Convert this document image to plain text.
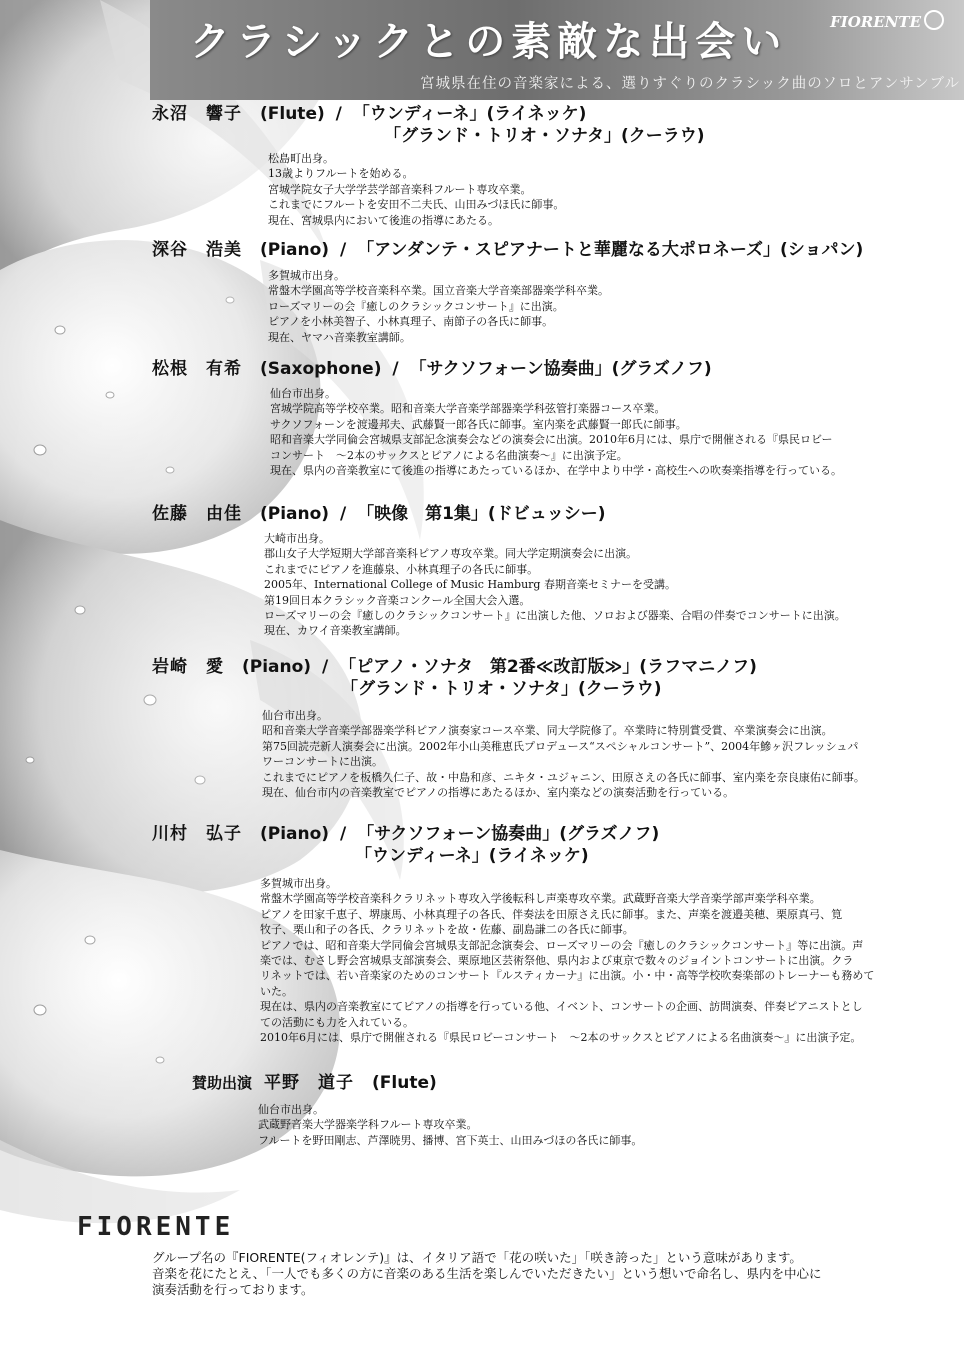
クラシックとの素敵な出会い
宮城県在住の音楽家による、選りすぐりのクラシック曲のソロとアンサンブル
FIORENTE
永沼　響子 (Flute) / 「ウンディーネ」(ライネッケ)
「グランド・トリオ・ソナタ」(クーラウ)
松島町出身。
13歳よりフルートを始める。
宮城学院女子大学学芸学部音楽科フルート専攻卒業。
これまでにフルートを安田不二夫氏、山田みづほ氏に師事。
現在、宮城県内において後進の指導にあたる。
深谷　浩美 (Piano) / 「アンダンテ・スピアナートと華麗なる大ポロネーズ」(ショパン)
多賀城市出身。
常盤木学園高等学校音楽科卒業。国立音楽大学音楽部器楽学科卒業。
ローズマリーの会『癒しのクラシックコンサート』に出演。
ピアノを小林美智子、小林真理子、南節子の各氏に師事。
現在、ヤマハ音楽教室講師。
松根　有希 (Saxophone) / 「サクソフォーン協奏曲」(グラズノフ)
仙台市出身。
宮城学院高等学校卒業。昭和音楽大学音楽学部器楽学科弦管打楽器コース卒業。
サクソフォーンを渡邊邦夫、武藤賢一郎各氏に師事。室内楽を武藤賢一郎氏に師事。
昭和音楽大学同倫会宮城県支部記念演奏会などの演奏会に出演。2010年6月には、県庁で開催される『県民ロビー
コンサート　～2本のサックスとピアノによる名曲演奏～』に出演予定。
現在、県内の音楽教室にて後進の指導にあたっているほか、在学中より中学・高校生への吹奏楽指導を行っている。
佐藤　由佳 (Piano) / 「映像　第1集」(ドビュッシー)
大崎市出身。
郡山女子大学短期大学部音楽科ピアノ専攻卒業。同大学定期演奏会に出演。
これまでにピアノを進藤泉、小林真理子の各氏に師事。
2005年、International College of Music Hamburg 春期音楽セミナーを受講。
第19回日本クラシック音楽コンクール全国大会入選。
ローズマリーの会『癒しのクラシックコンサート』に出演した他、ソロおよび器楽、合唱の伴奏でコンサートに出演。
現在、カワイ音楽教室講師。
岩崎　愛 (Piano) / 「ピアノ・ソナタ　第2番≪改訂版≫」(ラフマニノフ)
「グランド・トリオ・ソナタ」(クーラウ)
仙台市出身。
昭和音楽大学音楽学部器楽学科ピアノ演奏家コース卒業、同大学院修了。卒業時に特別賞受賞、卒業演奏会に出演。
第75回読売新人演奏会に出演。2002年小山美稚恵氏プロデュース“スペシャルコンサート”、2004年鰺ヶ沢フレッシュパ
ワーコンサートに出演。
これまでにピアノを板橋久仁子、故・中島和彦、ニキタ・ユジャニン、田原さえの各氏に師事、室内楽を奈良康佑に師事。
現在、仙台市内の音楽教室でピアノの指導にあたるほか、室内楽などの演奏活動を行っている。
川村　弘子 (Piano) / 「サクソフォーン協奏曲」(グラズノフ)
「ウンディーネ」(ライネッケ)
多賀城市出身。
常盤木学園高等学校音楽科クラリネット専攻入学後転科し声楽専攻卒業。武蔵野音楽大学音楽学部声楽学科卒業。
ピアノを田家千恵子、堺康馬、小林真理子の各氏、伴奏法を田原さえ氏に師事。また、声楽を渡邉美穂、栗原真弓、筧
牧子、栗山和子の各氏、クラリネットを故・佐藤、副島謙二の各氏に師事。
ピアノでは、昭和音楽大学同倫会宮城県支部記念演奏会、ローズマリーの会『癒しのクラシックコンサート』等に出演。声
楽では、むさし野会宮城県支部演奏会、栗原地区芸術祭他、県内および東京で数々のジョイントコンサートに出演。クラ
リネットでは、若い音楽家のためのコンサート『ルスティカーナ』に出演。小・中・高等学校吹奏楽部のトレーナーも務めて
いた。
現在は、県内の音楽教室にてピアノの指導を行っている他、イベント、コンサートの企画、訪問演奏、伴奏ピアニストとし
ての活動にも力を入れている。
2010年6月には、県庁で開催される『県民ロビーコンサート　～2本のサックスとピアノによる名曲演奏～』に出演予定。
賛助出演 平野　道子 (Flute)
仙台市出身。
武蔵野音楽大学器楽学科フルート専攻卒業。
フルートを野田剛志、芦澤暁男、播博、宮下英士、山田みづほの各氏に師事。
FIORENTE
グループ名の『FIORENTE(フィオレンテ)』は、イタリア語で「花の咲いた」「咲き誇った」という意味があります。
音楽を花にたとえ、「一人でも多くの方に音楽のある生活を楽しんでいただきたい」という想いで命名し、県内を中心に
演奏活動を行っております。
